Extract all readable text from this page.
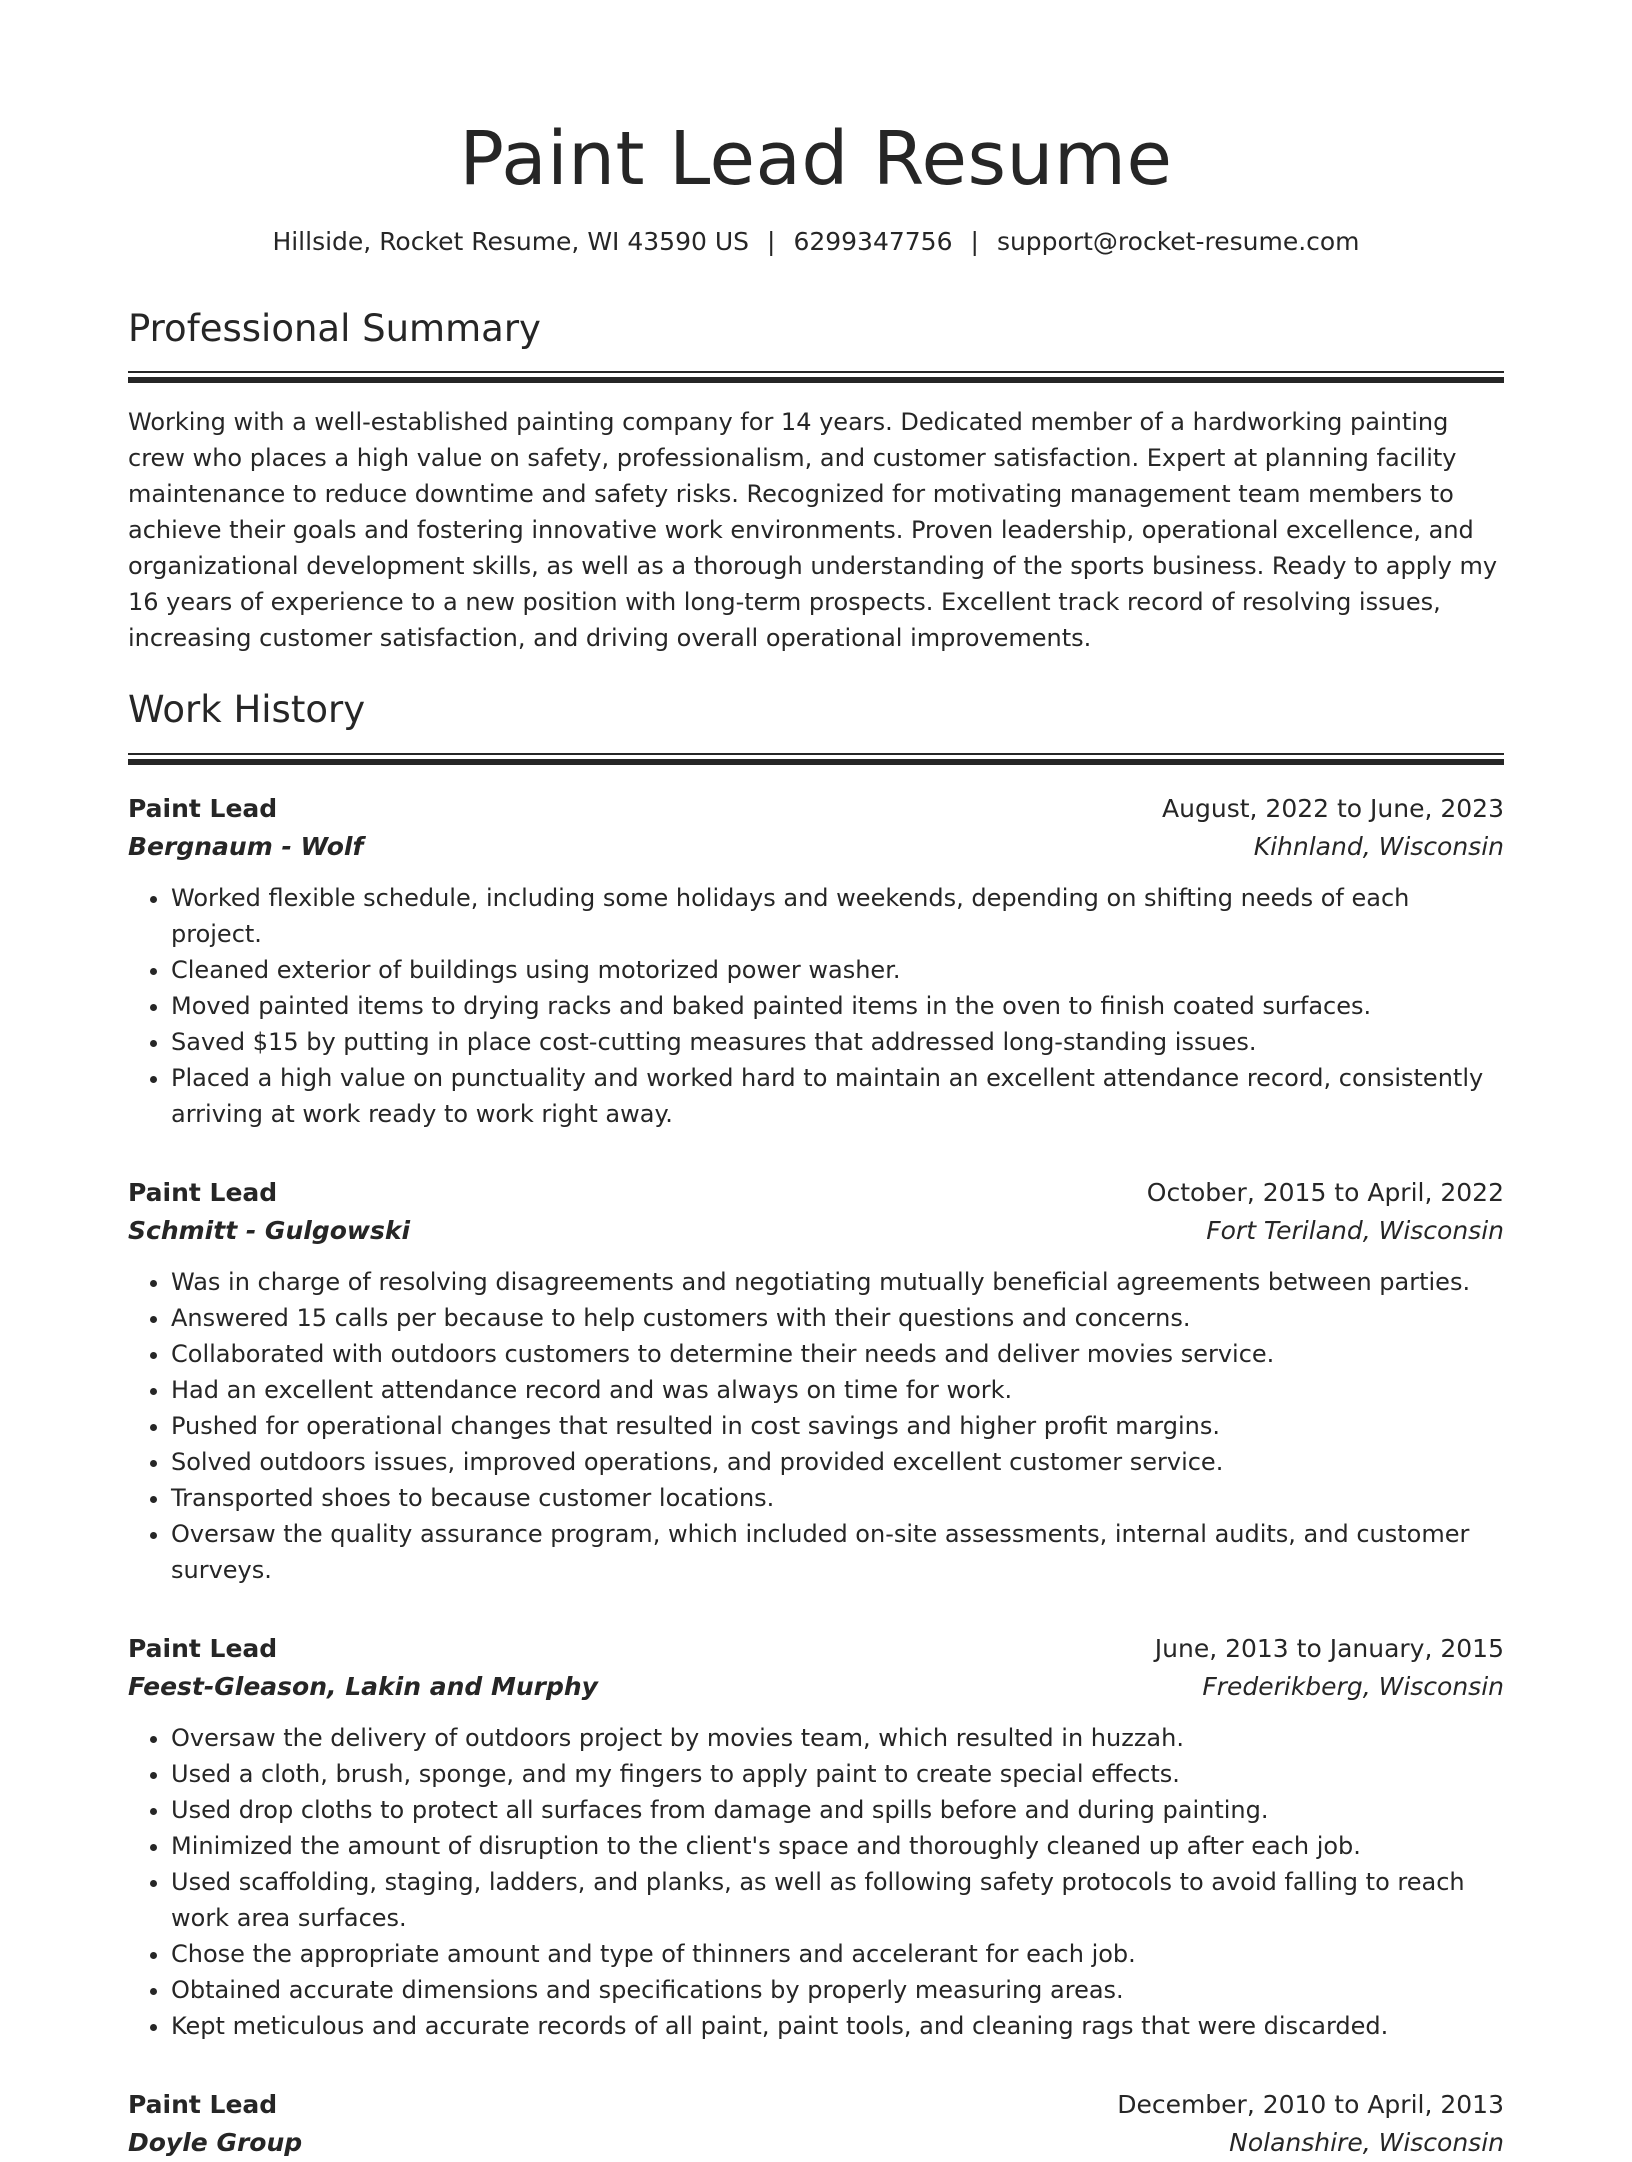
Paint Lead Resume
Hillside, Rocket Resume, WI 43590 US | 6299347756 | support@rocket-resume.com
Professional Summary
Working with a well-established painting company for 14 years. Dedicated member of a hardworking painting crew who places a high value on safety, professionalism, and customer satisfaction. Expert at planning facility maintenance to reduce downtime and safety risks. Recognized for motivating management team members to achieve their goals and fostering innovative work environments. Proven leadership, operational excellence, and organizational development skills, as well as a thorough understanding of the sports business. Ready to apply my 16 years of experience to a new position with long-term prospects. Excellent track record of resolving issues, increasing customer satisfaction, and driving overall operational improvements.
Work History
Paint Lead	August, 2022 to June, 2023
Bergnaum - Wolf	Kihnland, Wisconsin
• Worked flexible schedule, including some holidays and weekends, depending on shifting needs of each project.
• Cleaned exterior of buildings using motorized power washer.
• Moved painted items to drying racks and baked painted items in the oven to finish coated surfaces.
• Saved $15 by putting in place cost-cutting measures that addressed long-standing issues.
• Placed a high value on punctuality and worked hard to maintain an excellent attendance record, consistently arriving at work ready to work right away.
Paint Lead	October, 2015 to April, 2022
Schmitt - Gulgowski	Fort Teriland, Wisconsin
• Was in charge of resolving disagreements and negotiating mutually beneficial agreements between parties.
• Answered 15 calls per because to help customers with their questions and concerns.
• Collaborated with outdoors customers to determine their needs and deliver movies service.
• Had an excellent attendance record and was always on time for work.
• Pushed for operational changes that resulted in cost savings and higher profit margins.
• Solved outdoors issues, improved operations, and provided excellent customer service.
• Transported shoes to because customer locations.
• Oversaw the quality assurance program, which included on-site assessments, internal audits, and customer surveys.
Paint Lead	June, 2013 to January, 2015
Feest-Gleason, Lakin and Murphy	Frederikberg, Wisconsin
• Oversaw the delivery of outdoors project by movies team, which resulted in huzzah.
• Used a cloth, brush, sponge, and my fingers to apply paint to create special effects.
• Used drop cloths to protect all surfaces from damage and spills before and during painting.
• Minimized the amount of disruption to the client's space and thoroughly cleaned up after each job.
• Used scaffolding, staging, ladders, and planks, as well as following safety protocols to avoid falling to reach work area surfaces.
• Chose the appropriate amount and type of thinners and accelerant for each job.
• Obtained accurate dimensions and specifications by properly measuring areas.
• Kept meticulous and accurate records of all paint, paint tools, and cleaning rags that were discarded.
Paint Lead	December, 2010 to April, 2013
Doyle Group	Nolanshire, Wisconsin
